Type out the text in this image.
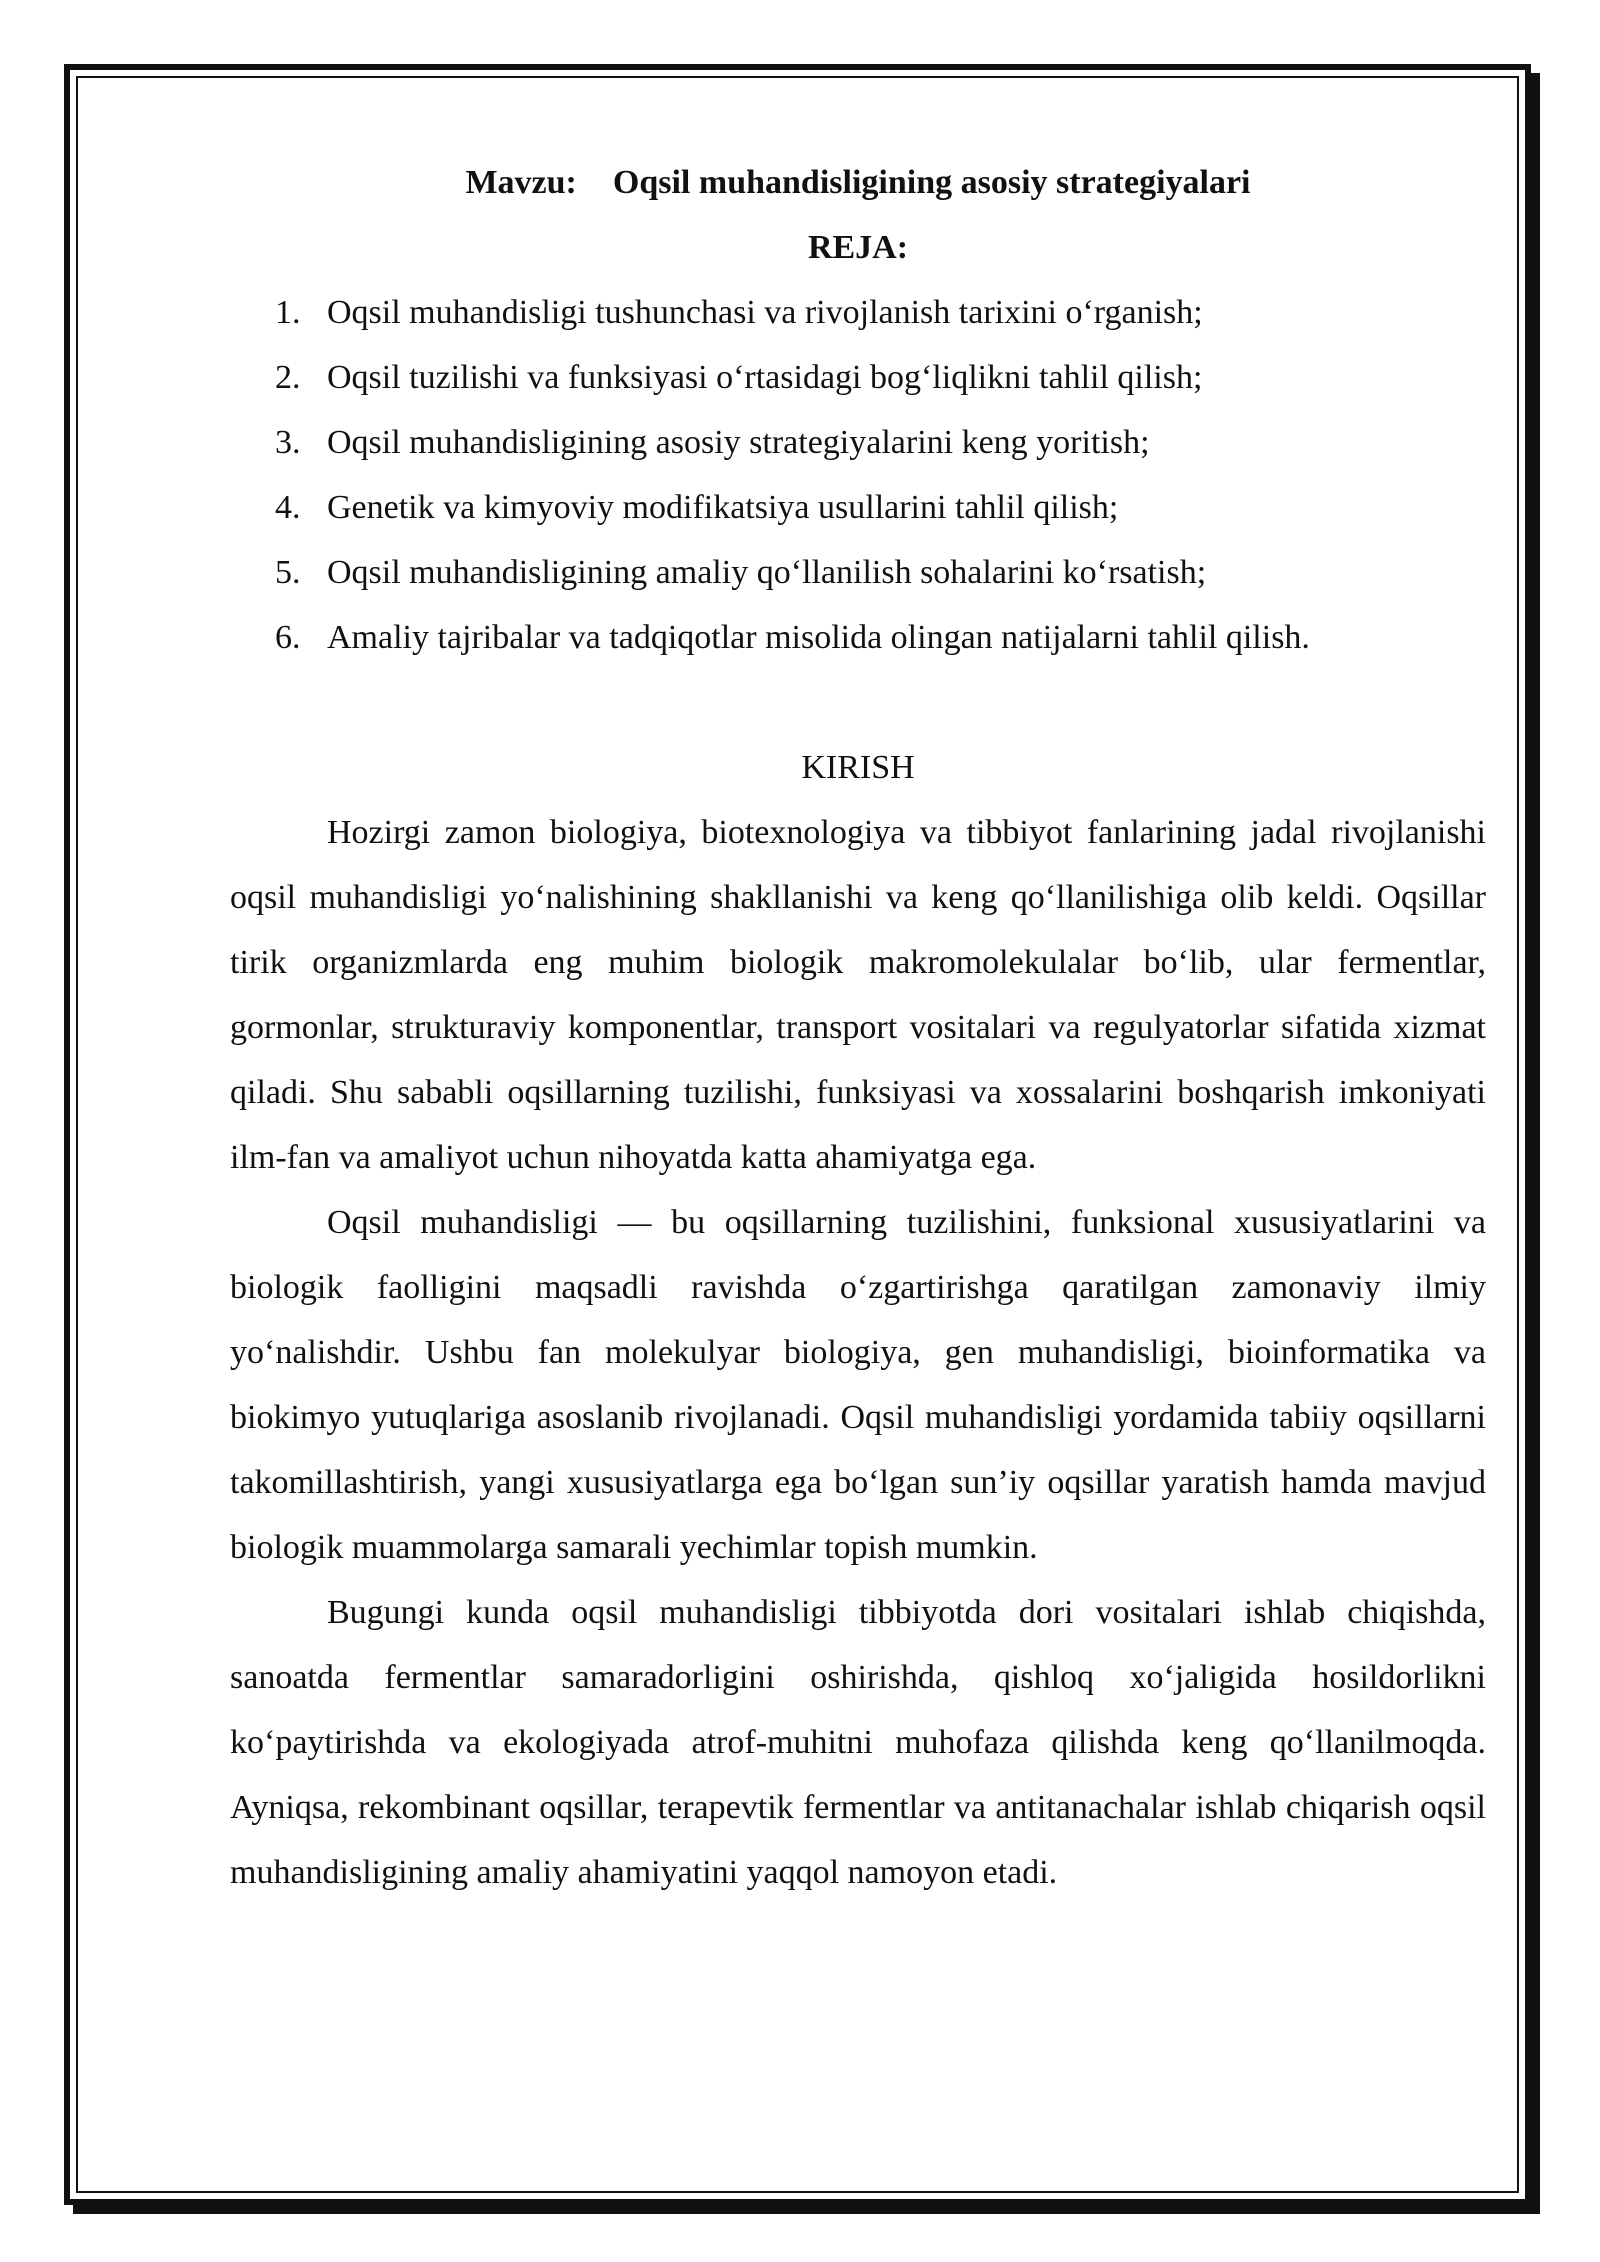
Mavzu: Oqsil muhandisligining asosiy strategiyalari

REJA:

1. Oqsil muhandisligi tushunchasi va rivojlanish tarixini o‘rganish;
2. Oqsil tuzilishi va funksiyasi o‘rtasidagi bog‘liqlikni tahlil qilish;
3. Oqsil muhandisligining asosiy strategiyalarini keng yoritish;
4. Genetik va kimyoviy modifikatsiya usullarini tahlil qilish;
5. Oqsil muhandisligining amaliy qo‘llanilish sohalarini ko‘rsatish;
6. Amaliy tajribalar va tadqiqotlar misolida olingan natijalarni tahlil qilish.

KIRISH

Hozirgi zamon biologiya, biotexnologiya va tibbiyot fanlarining jadal rivojlanishi oqsil muhandisligi yo‘nalishining shakllanishi va keng qo‘llanilishiga olib keldi. Oqsillar tirik organizmlarda eng muhim biologik makromolekulalar bo‘lib, ular fermentlar, gormonlar, strukturaviy komponentlar, transport vositalari va regulyatorlar sifatida xizmat qiladi. Shu sababli oqsillarning tuzilishi, funksiyasi va xossalarini boshqarish imkoniyati ilm-fan va amaliyot uchun nihoyatda katta ahamiyatga ega.

Oqsil muhandisligi — bu oqsillarning tuzilishini, funksional xususiyatlarini va biologik faolligini maqsadli ravishda o‘zgartirishga qaratilgan zamonaviy ilmiy yo‘nalishdir. Ushbu fan molekulyar biologiya, gen muhandisligi, bioinformatika va biokimyo yutuqlariga asoslanib rivojlanadi. Oqsil muhandisligi yordamida tabiiy oqsillarni takomillashtirish, yangi xususiyatlarga ega bo‘lgan sun’iy oqsillar yaratish hamda mavjud biologik muammolarga samarali yechimlar topish mumkin.

Bugungi kunda oqsil muhandisligi tibbiyotda dori vositalari ishlab chiqishda, sanoatda fermentlar samaradorligini oshirishda, qishloq xo‘jaligida hosildorlikni ko‘paytirishda va ekologiyada atrof-muhitni muhofaza qilishda keng qo‘llanilmoqda. Ayniqsa, rekombinant oqsillar, terapevtik fermentlar va antitanachalar ishlab chiqarish oqsil muhandisligining amaliy ahamiyatini yaqqol namoyon etadi.
